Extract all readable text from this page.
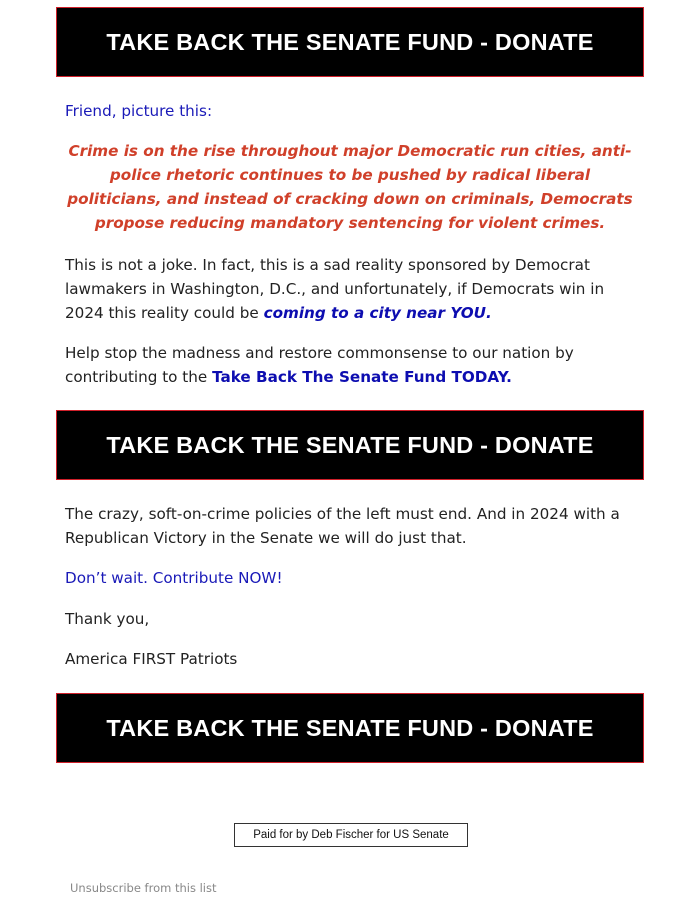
TAKE BACK THE SENATE FUND - DONATE

Friend, picture this:

Crime is on the rise throughout major Democratic run cities, anti-police rhetoric continues to be pushed by radical liberal politicians, and instead of cracking down on criminals, Democrats propose reducing mandatory sentencing for violent crimes.

This is not a joke. In fact, this is a sad reality sponsored by Democrat lawmakers in Washington, D.C., and unfortunately, if Democrats win in 2024 this reality could be coming to a city near YOU.

Help stop the madness and restore commonsense to our nation by contributing to the Take Back The Senate Fund TODAY.

TAKE BACK THE SENATE FUND - DONATE

The crazy, soft-on-crime policies of the left must end. And in 2024 with a Republican Victory in the Senate we will do just that.

Don’t wait. Contribute NOW!

Thank you,

America FIRST Patriots

TAKE BACK THE SENATE FUND - DONATE
Paid for by Deb Fischer for US Senate
Unsubscribe from this list
